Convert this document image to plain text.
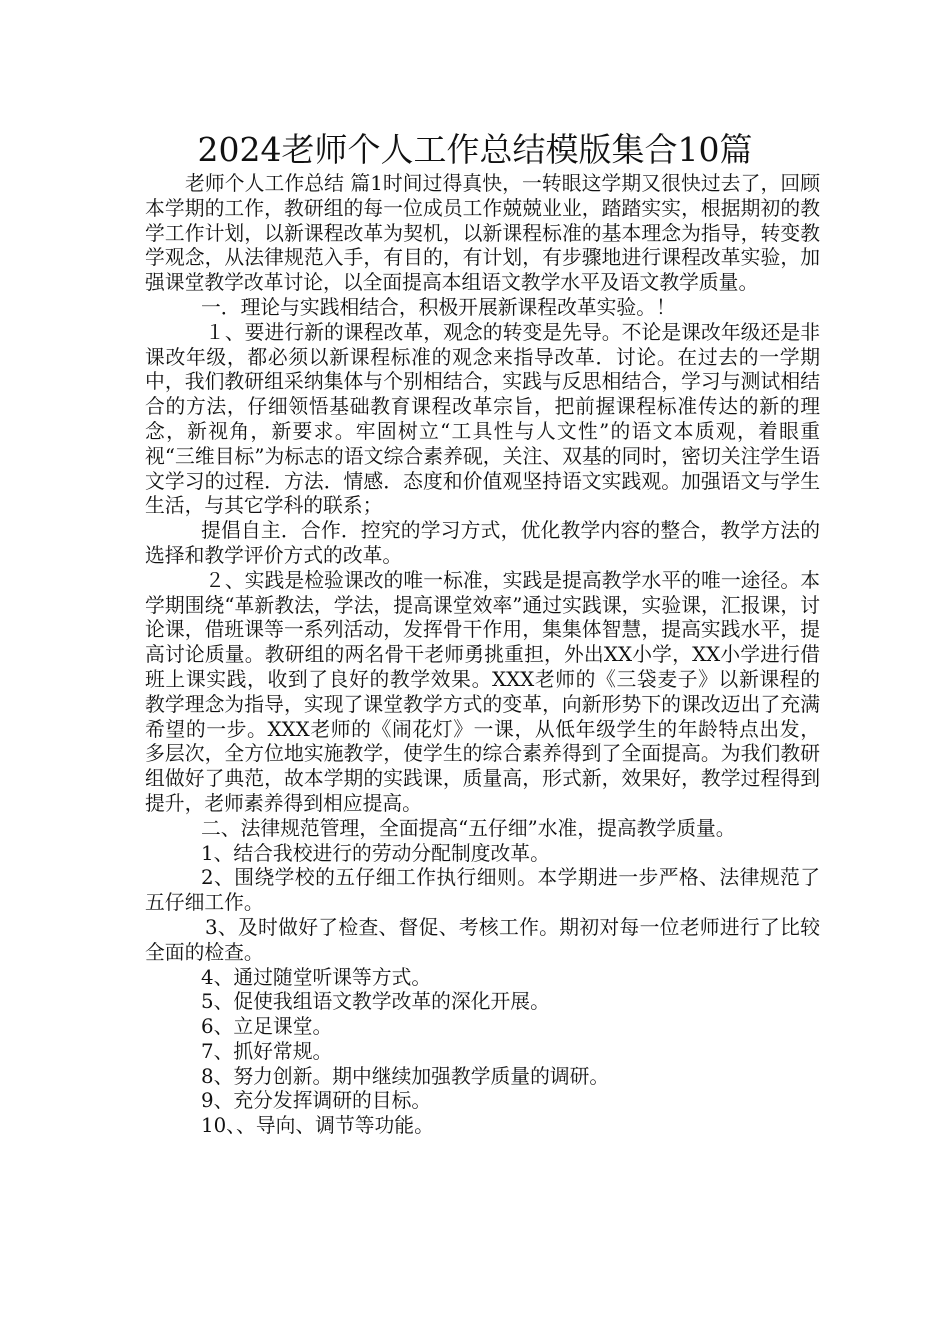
2024老师个人工作总结模版集合10篇

老师个人工作总结 篇1时间过得真快，一转眼这学期又很快过去了，回顾本学期的工作，教研组的每一位成员工作兢兢业业，踏踏实实，根据期初的教学工作计划，以新课程改革为契机，以新课程标准的基本理念为指导，转变教学观念，从法律规范入手，有目的，有计划，有步骤地进行课程改革实验，加强课堂教学改革讨论，以全面提高本组语文教学水平及语文教学质量。

一．理论与实践相结合，积极开展新课程改革实验。！

１、要进行新的课程改革，观念的转变是先导。不论是课改年级还是非课改年级，都必须以新课程标准的观念来指导改革．讨论。在过去的一学期中，我们教研组采纳集体与个别相结合，实践与反思相结合，学习与测试相结合的方法，仔细领悟基础教育课程改革宗旨，把前握课程标准传达的新的理念，新视角，新要求。牢固树立“工具性与人文性”的语文本质观，着眼重视“三维目标”为标志的语文综合素养砚，关注、双基的同时，密切关注学生语文学习的过程．方法．情感．态度和价值观坚持语文实践观。加强语文与学生生活，与其它学科的联系；

提倡自主．合作．控究的学习方式，优化教学内容的整合，教学方法的选择和教学评价方式的改革。

２、实践是检验课改的唯一标准，实践是提高教学水平的唯一途径。本学期围绕“革新教法，学法，提高课堂效率”通过实践课，实验课，汇报课，讨论课，借班课等一系列活动，发挥骨干作用，集集体智慧，提高实践水平，提高讨论质量。教研组的两名骨干老师勇挑重担，外出XX小学，XX小学进行借班上课实践，收到了良好的教学效果。XXX老师的《三袋麦子》以新课程的教学理念为指导，实现了课堂教学方式的变革，向新形势下的课改迈出了充满希望的一步。XXX老师的《闹花灯》一课，从低年级学生的年龄特点出发，多层次，全方位地实施教学，使学生的综合素养得到了全面提高。为我们教研组做好了典范，故本学期的实践课，质量高，形式新，效果好，教学过程得到提升，老师素养得到相应提高。

二、法律规范管理，全面提高“五仔细”水准，提高教学质量。

1、结合我校进行的劳动分配制度改革。

2、围绕学校的五仔细工作执行细则。本学期进一步严格、法律规范了五仔细工作。

3、及时做好了检查、督促、考核工作。期初对每一位老师进行了比较全面的检查。

4、通过随堂听课等方式。

5、促使我组语文教学改革的深化开展。

6、立足课堂。

7、抓好常规。

8、努力创新。期中继续加强教学质量的调研。

9、充分发挥调研的目标。

10、、导向、调节等功能。
